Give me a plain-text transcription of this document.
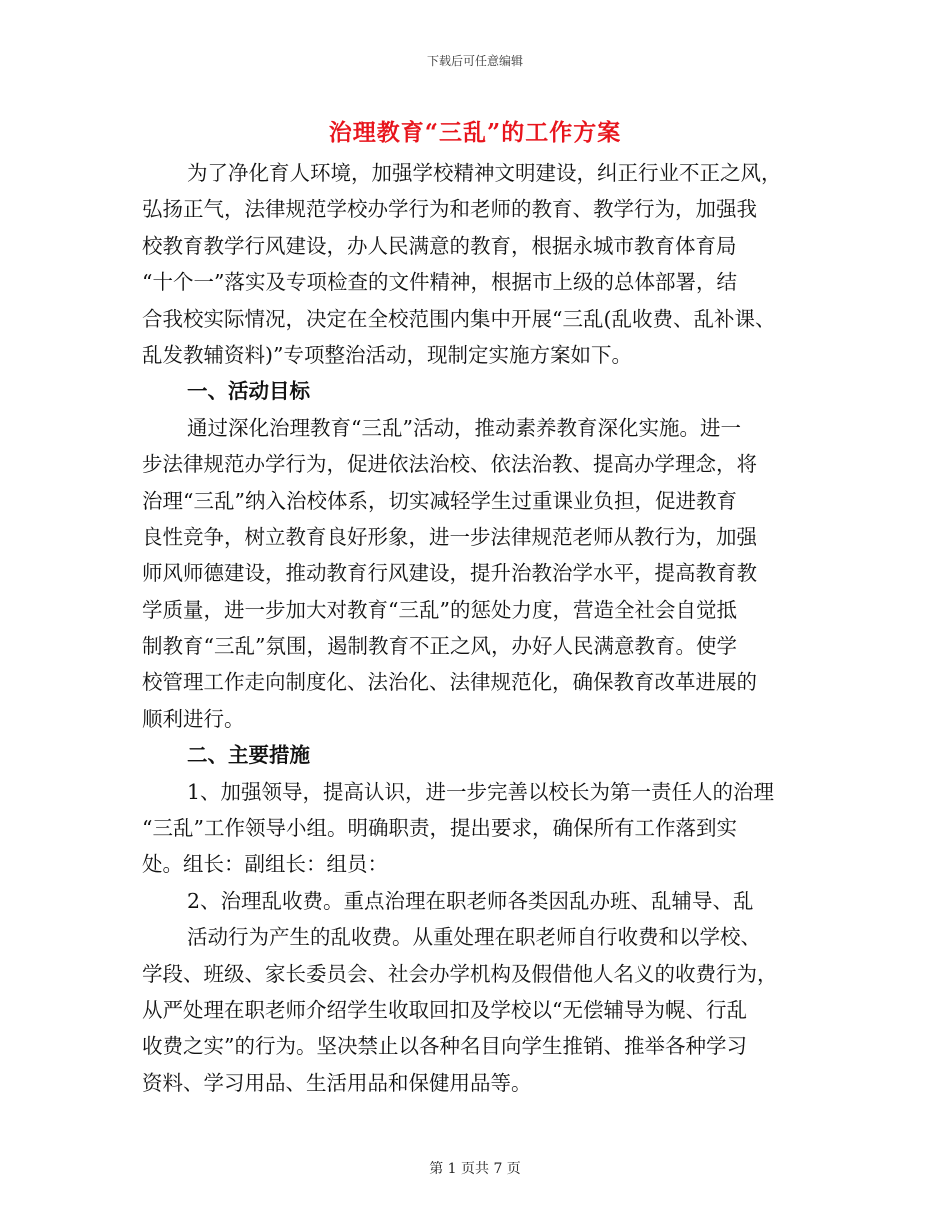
下载后可任意编辑
治理教育“三乱”的工作方案
为了净化育人环境，加强学校精神文明建设，纠正行业不正之风，
弘扬正气，法律规范学校办学行为和老师的教育、教学行为，加强我
校教育教学行风建设，办人民满意的教育，根据永城市教育体育局
“十个一”落实及专项检查的文件精神，根据市上级的总体部署，结
合我校实际情况，决定在全校范围内集中开展“三乱(乱收费、乱补课、
乱发教辅资料)”专项整治活动，现制定实施方案如下。
一、活动目标
通过深化治理教育“三乱”活动，推动素养教育深化实施。进一
步法律规范办学行为，促进依法治校、依法治教、提高办学理念，将
治理“三乱”纳入治校体系，切实减轻学生过重课业负担，促进教育
良性竞争，树立教育良好形象，进一步法律规范老师从教行为，加强
师风师德建设，推动教育行风建设，提升治教治学水平，提高教育教
学质量，进一步加大对教育“三乱”的惩处力度，营造全社会自觉抵
制教育“三乱”氛围，遏制教育不正之风，办好人民满意教育。使学
校管理工作走向制度化、法治化、法律规范化，确保教育改革进展的
顺利进行。
二、主要措施
1、加强领导，提高认识，进一步完善以校长为第一责任人的治理
“三乱”工作领导小组。明确职责，提出要求，确保所有工作落到实
处。组长：副组长：组员：
2、治理乱收费。重点治理在职老师各类因乱办班、乱辅导、乱
活动行为产生的乱收费。从重处理在职老师自行收费和以学校、
学段、班级、家长委员会、社会办学机构及假借他人名义的收费行为，
从严处理在职老师介绍学生收取回扣及学校以“无偿辅导为幌、行乱
收费之实”的行为。坚决禁止以各种名目向学生推销、推举各种学习
资料、学习用品、生活用品和保健用品等。
第 1 页共 7 页
